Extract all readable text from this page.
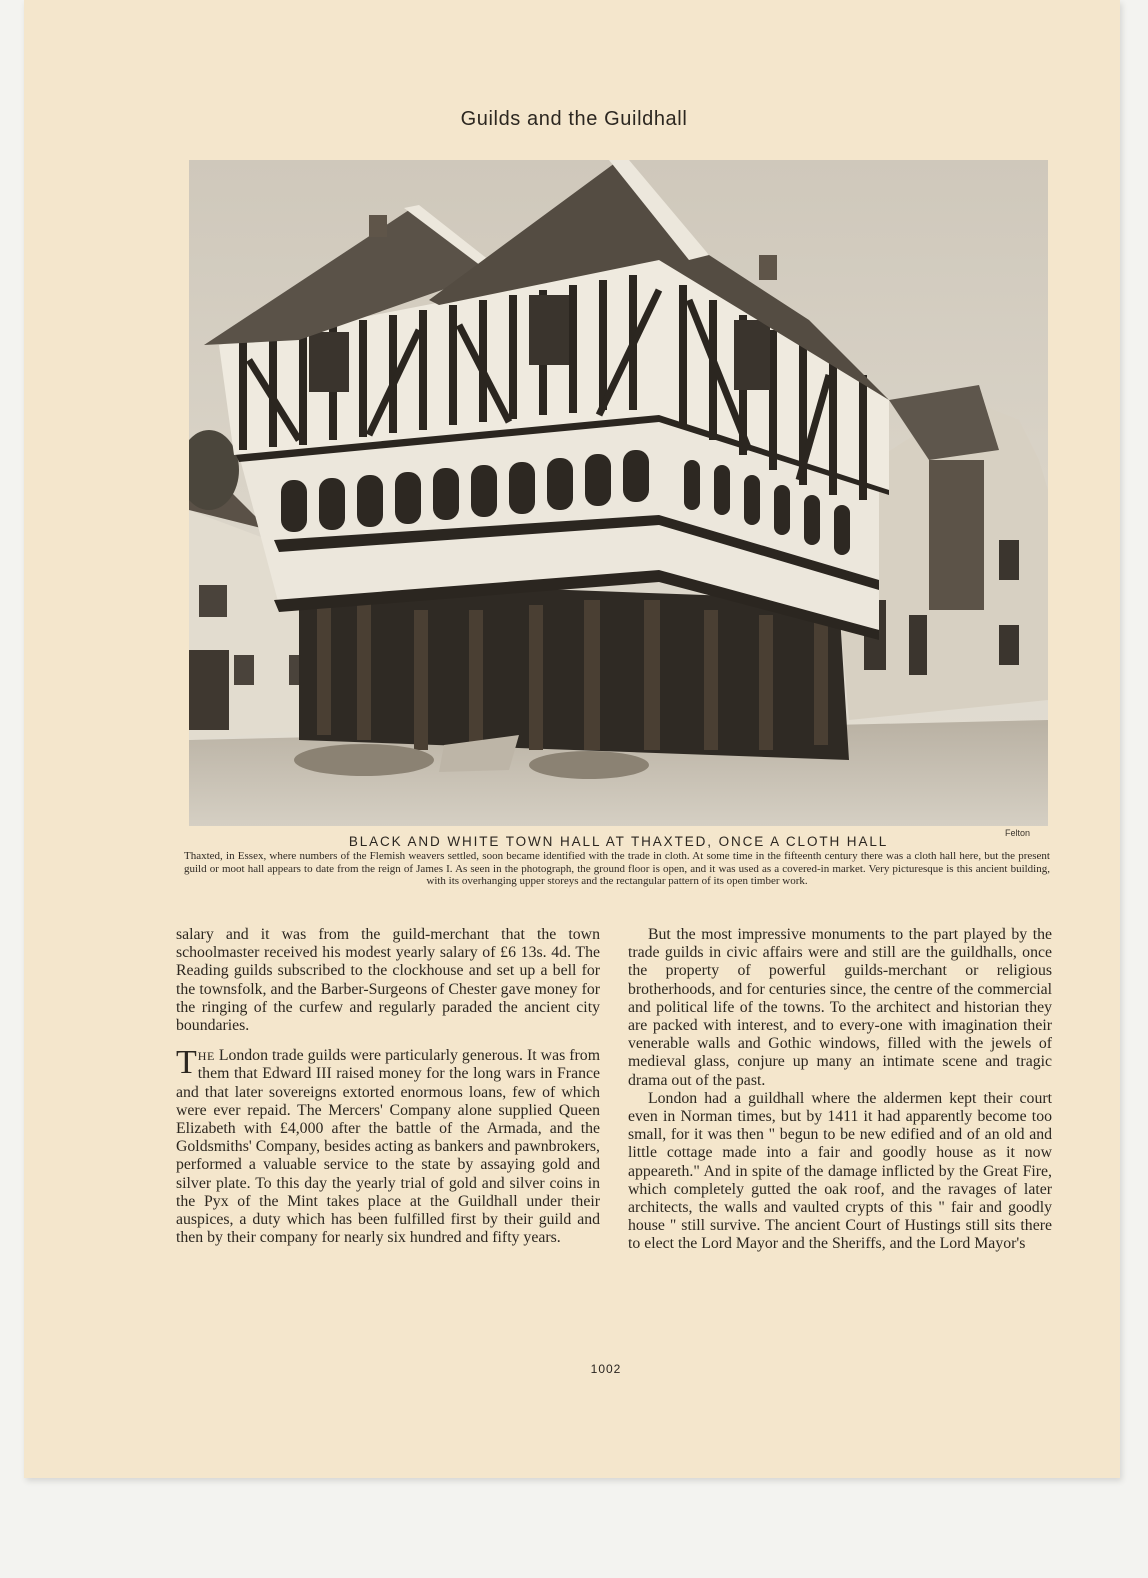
Guilds and the Guildhall
Felton
BLACK AND WHITE TOWN HALL AT THAXTED, ONCE A CLOTH HALL
Thaxted, in Essex, where numbers of the Flemish weavers settled, soon became identified with the trade in cloth. At some time in the fifteenth century there was a cloth hall here, but the present guild or moot hall appears to date from the reign of James I. As seen in the photograph, the ground floor is open, and it was used as a covered-in market. Very picturesque is this ancient building, with its overhanging upper storeys and the rectangular pattern of its open timber work.

salary and it was from the guild-merchant that the town schoolmaster received his modest yearly salary of £6 13s. 4d. The Reading guilds subscribed to the clockhouse and set up a bell for the townsfolk, and the Barber-Surgeons of Chester gave money for the ringing of the curfew and regularly paraded the ancient city boundaries.

THE London trade guilds were particularly generous. It was from them that Edward III raised money for the long wars in France and that later sovereigns extorted enormous loans, few of which were ever repaid. The Mercers' Company alone supplied Queen Elizabeth with £4,000 after the battle of the Armada, and the Goldsmiths' Company, besides acting as bankers and pawnbrokers, performed a valuable service to the state by assaying gold and silver plate. To this day the yearly trial of gold and silver coins in the Pyx of the Mint takes place at the Guildhall under their auspices, a duty which has been fulfilled first by their guild and then by their company for nearly six hundred and fifty years.

But the most impressive monuments to the part played by the trade guilds in civic affairs were and still are the guildhalls, once the property of powerful guilds-merchant or religious brotherhoods, and for centuries since, the centre of the commercial and political life of the towns. To the architect and historian they are packed with interest, and to every-one with imagination their venerable walls and Gothic windows, filled with the jewels of medieval glass, conjure up many an intimate scene and tragic drama out of the past.

London had a guildhall where the aldermen kept their court even in Norman times, but by 1411 it had apparently become too small, for it was then " begun to be new edified and of an old and little cottage made into a fair and goodly house as it now appeareth." And in spite of the damage inflicted by the Great Fire, which completely gutted the oak roof, and the ravages of later architects, the walls and vaulted crypts of this " fair and goodly house " still survive. The ancient Court of Hustings still sits there to elect the Lord Mayor and the Sheriffs, and the Lord Mayor's

1002
